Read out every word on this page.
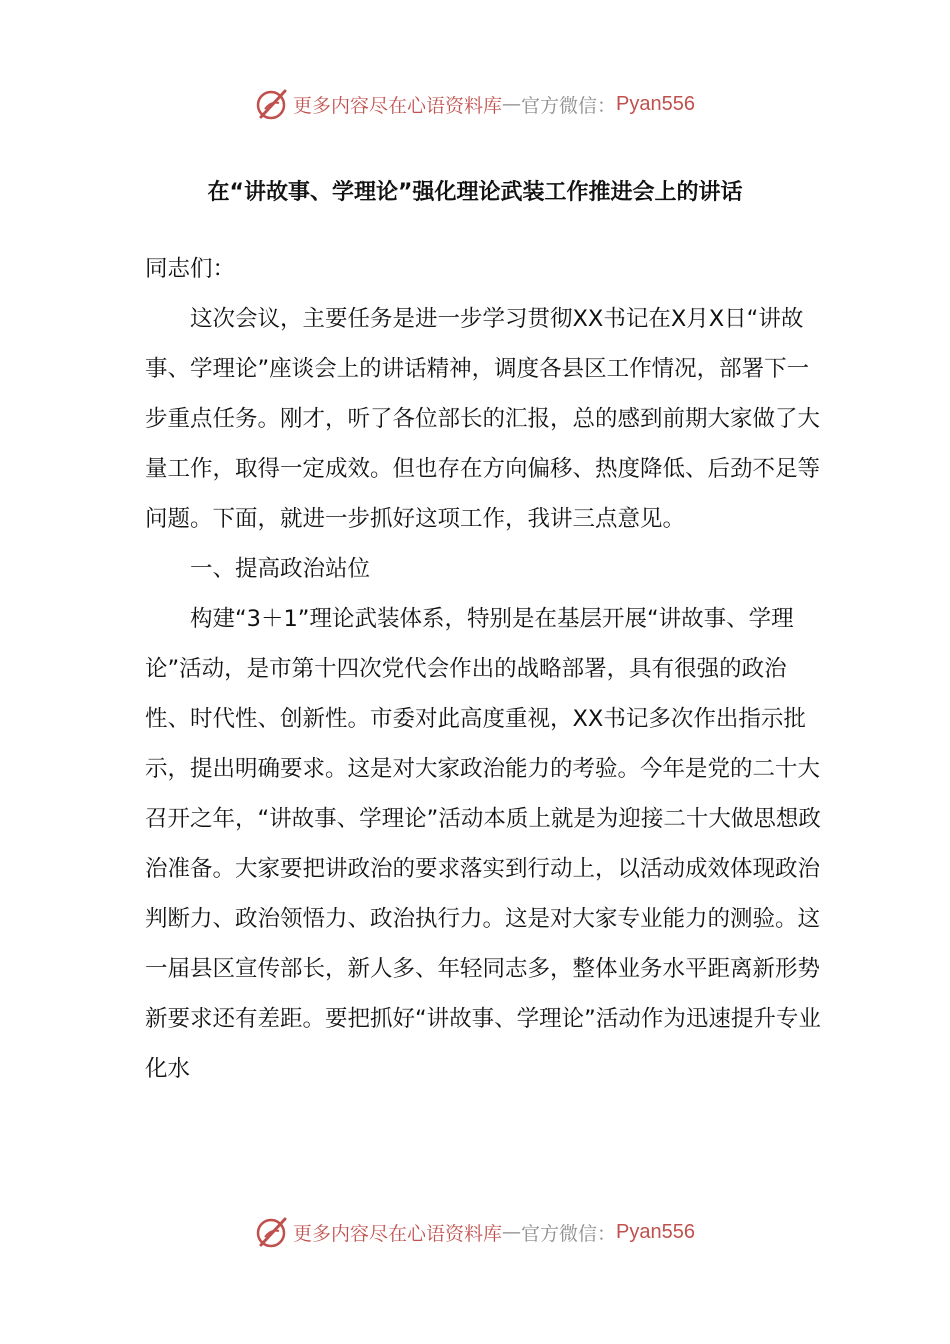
更多内容尽在心语资料库 — 官方微信： Pyan556
在“讲故事、学理论”强化理论武装工作推进会上的讲话

同志们：

这次会议，主要任务是进一步学习贯彻XX书记在X月X日“讲故事、学理论”座谈会上的讲话精神，调度各县区工作情况，部署下一步重点任务。刚才，听了各位部长的汇报，总的感到前期大家做了大量工作，取得一定成效。但也存在方向偏移、热度降低、后劲不足等问题。下面，就进一步抓好这项工作，我讲三点意见。

一、提高政治站位

构建“3＋1”理论武装体系，特别是在基层开展“讲故事、学理论”活动，是市第十四次党代会作出的战略部署，具有很强的政治性、时代性、创新性。市委对此高度重视，XX书记多次作出指示批示，提出明确要求。这是对大家政治能力的考验。今年是党的二十大召开之年，“讲故事、学理论”活动本质上就是为迎接二十大做思想政治准备。大家要把讲政治的要求落实到行动上，以活动成效体现政治判断力、政治领悟力、政治执行力。这是对大家专业能力的测验。这一届县区宣传部长，新人多、年轻同志多，整体业务水平距离新形势新要求还有差距。要把抓好“讲故事、学理论”活动作为迅速提升专业化水

更多内容尽在心语资料库 — 官方微信： Pyan556
